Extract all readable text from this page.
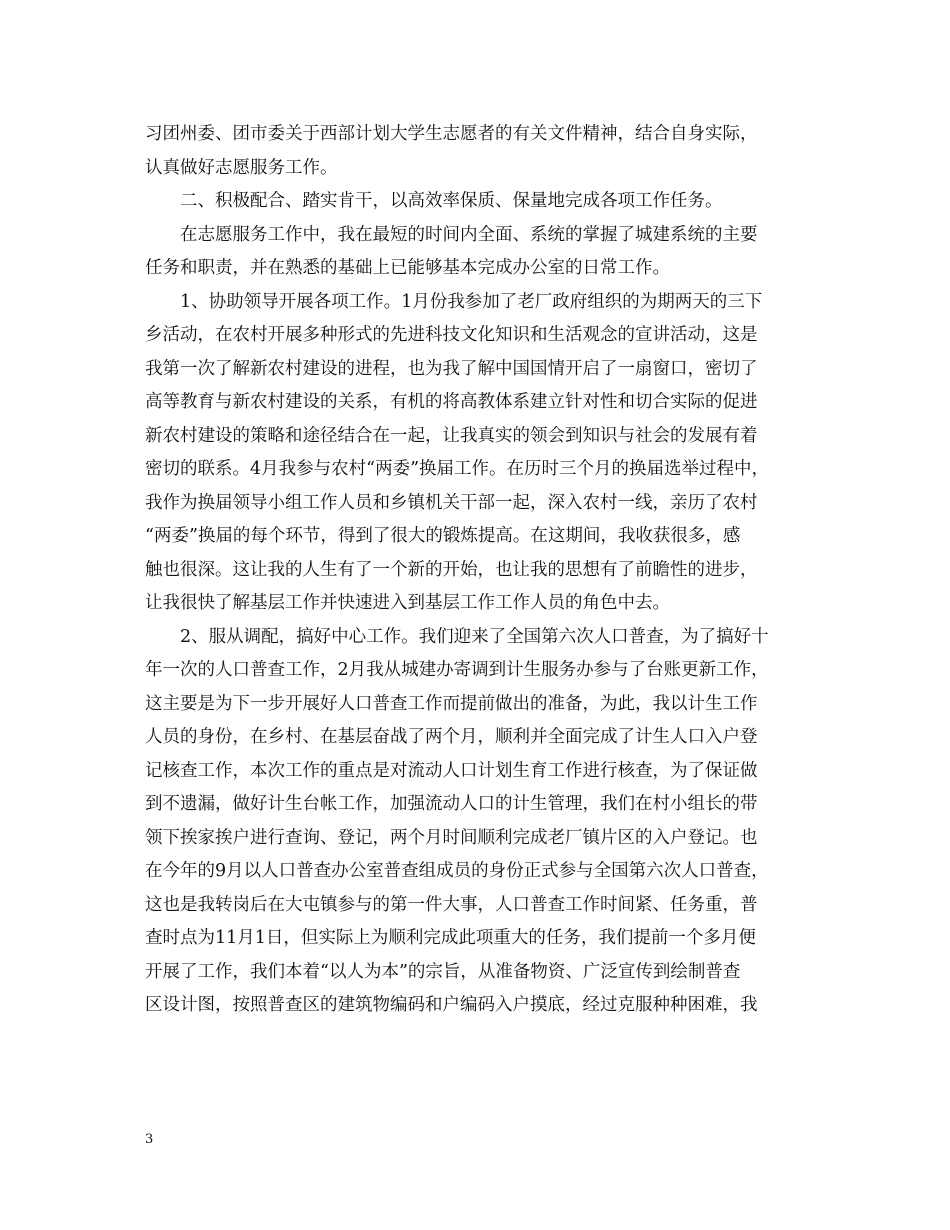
习团州委、团市委关于西部计划大学生志愿者的有关文件精神，结合自身实际，
认真做好志愿服务工作。
　　二、积极配合、踏实肯干，以高效率保质、保量地完成各项工作任务。
　　在志愿服务工作中，我在最短的时间内全面、系统的掌握了城建系统的主要
任务和职责，并在熟悉的基础上已能够基本完成办公室的日常工作。
　　1、协助领导开展各项工作。1月份我参加了老厂政府组织的为期两天的三下
乡活动，在农村开展多种形式的先进科技文化知识和生活观念的宣讲活动，这是
我第一次了解新农村建设的进程，也为我了解中国国情开启了一扇窗口，密切了
高等教育与新农村建设的关系，有机的将高教体系建立针对性和切合实际的促进
新农村建设的策略和途径结合在一起，让我真实的领会到知识与社会的发展有着
密切的联系。4月我参与农村“两委”换届工作。在历时三个月的换届选举过程中，
我作为换届领导小组工作人员和乡镇机关干部一起，深入农村一线，亲历了农村
“两委”换届的每个环节，得到了很大的锻炼提高。在这期间，我收获很多，感
触也很深。这让我的人生有了一个新的开始，也让我的思想有了前瞻性的进步，
让我很快了解基层工作并快速进入到基层工作工作人员的角色中去。
　　2、服从调配，搞好中心工作。我们迎来了全国第六次人口普查，为了搞好十
年一次的人口普查工作，2月我从城建办寄调到计生服务办参与了台账更新工作，
这主要是为下一步开展好人口普查工作而提前做出的准备，为此，我以计生工作
人员的身份，在乡村、在基层奋战了两个月，顺利并全面完成了计生人口入户登
记核查工作，本次工作的重点是对流动人口计划生育工作进行核查，为了保证做
到不遗漏，做好计生台帐工作，加强流动人口的计生管理，我们在村小组长的带
领下挨家挨户进行查询、登记，两个月时间顺利完成老厂镇片区的入户登记。也
在今年的9月以人口普查办公室普查组成员的身份正式参与全国第六次人口普查，
这也是我转岗后在大屯镇参与的第一件大事，人口普查工作时间紧、任务重，普
查时点为11月1日，但实际上为顺利完成此项重大的任务，我们提前一个多月便
开展了工作，我们本着“以人为本”的宗旨，从准备物资、广泛宣传到绘制普查
区设计图，按照普查区的建筑物编码和户编码入户摸底，经过克服种种困难，我
3
